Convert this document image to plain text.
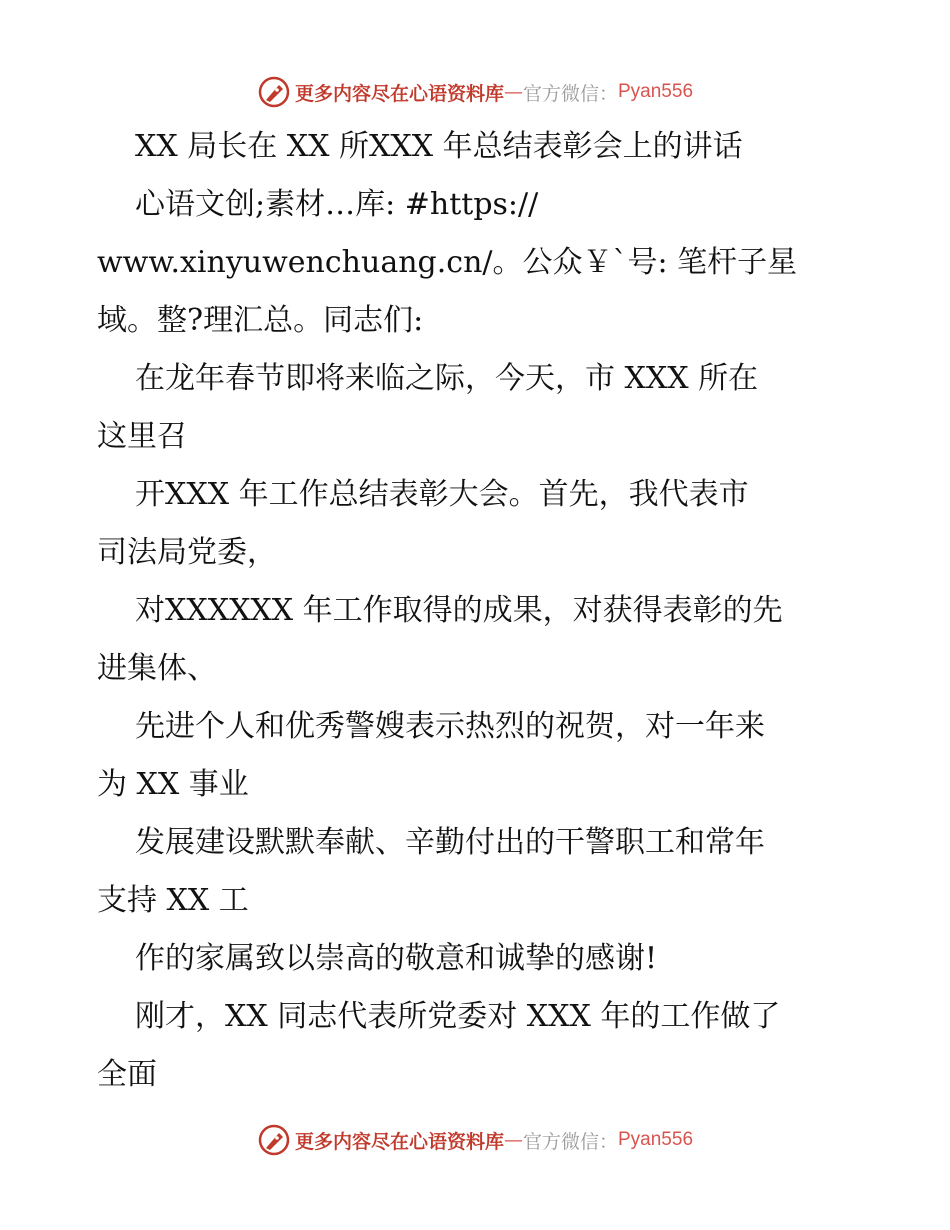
更多内容尽在心语资料库 — 官方微信： Pyan556
XX 局长在 XX 所XXX 年总结表彰会上的讲话
心语文创;素材…库: #https://
www.xinyuwenchuang.cn/。公众￥`号: 笔杆子星
域。整?理汇总。同志们:
在龙年春节即将来临之际，今天，市 XXX 所在
这里召
开XXX 年工作总结表彰大会。首先，我代表市
司法局党委，
对XXXXXX 年工作取得的成果，对获得表彰的先
进集体、
先进个人和优秀警嫂表示热烈的祝贺，对一年来
为 XX 事业
发展建设默默奉献、辛勤付出的干警职工和常年
支持 XX 工
作的家属致以崇高的敬意和诚挚的感谢!
刚才，XX 同志代表所党委对 XXX 年的工作做了
全面
更多内容尽在心语资料库 — 官方微信： Pyan556
